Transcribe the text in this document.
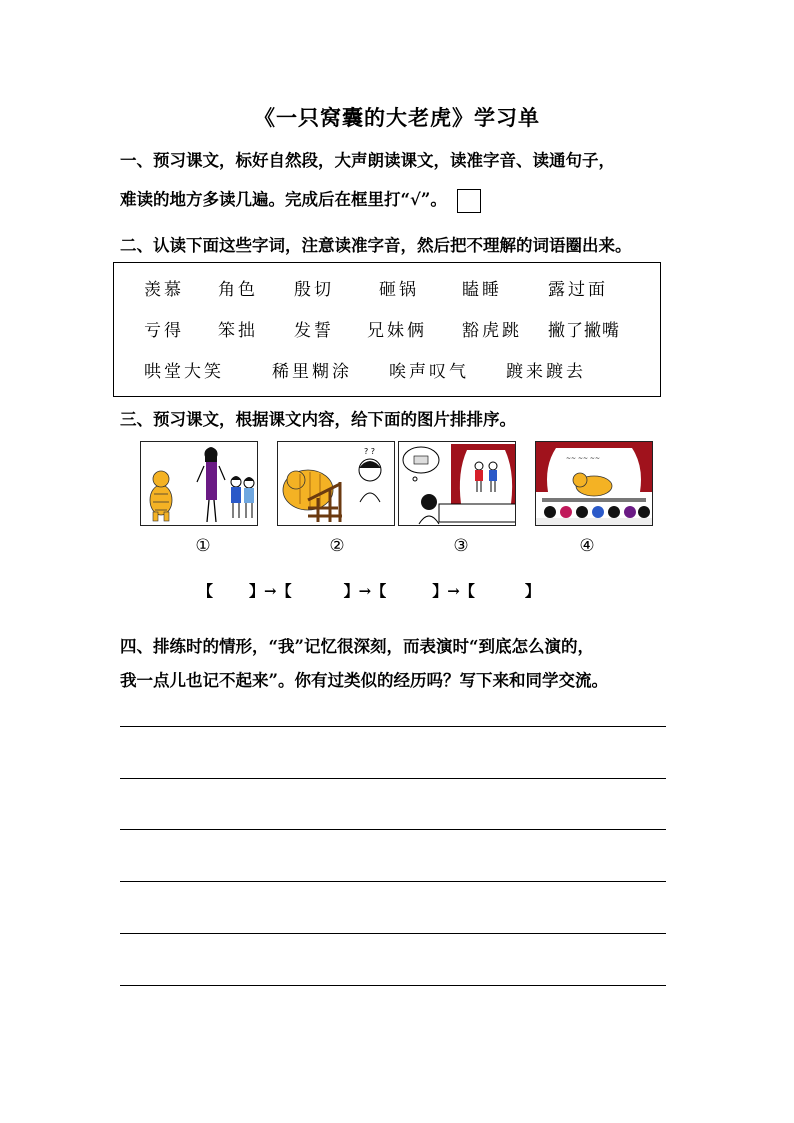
《一只窝囊的大老虎》学习单
一、预习课文，标好自然段，大声朗读课文，读准字音、读通句子，
难读的地方多读几遍。完成后在框里打“√”。
二、认读下面这些字词，注意读准字音，然后把不理解的词语圈出来。
羡慕 角色 殷切	砸锅	瞌睡	露过面
亏得 笨拙 发誓 兄妹俩 豁虎跳 撇了撇嘴
哄堂大笑	稀里糊涂 唉声叹气 踱来踱去
三、预习课文，根据课文内容，给下面的图片排排序。
? ?
~~ ~~ ~~
①	②	③	④
【 】→【	】→【	】→【	】
四、排练时的情形，“我”记忆很深刻，而表演时“到底怎么演的，
我一点儿也记不起来”。你有过类似的经历吗？写下来和同学交流。
